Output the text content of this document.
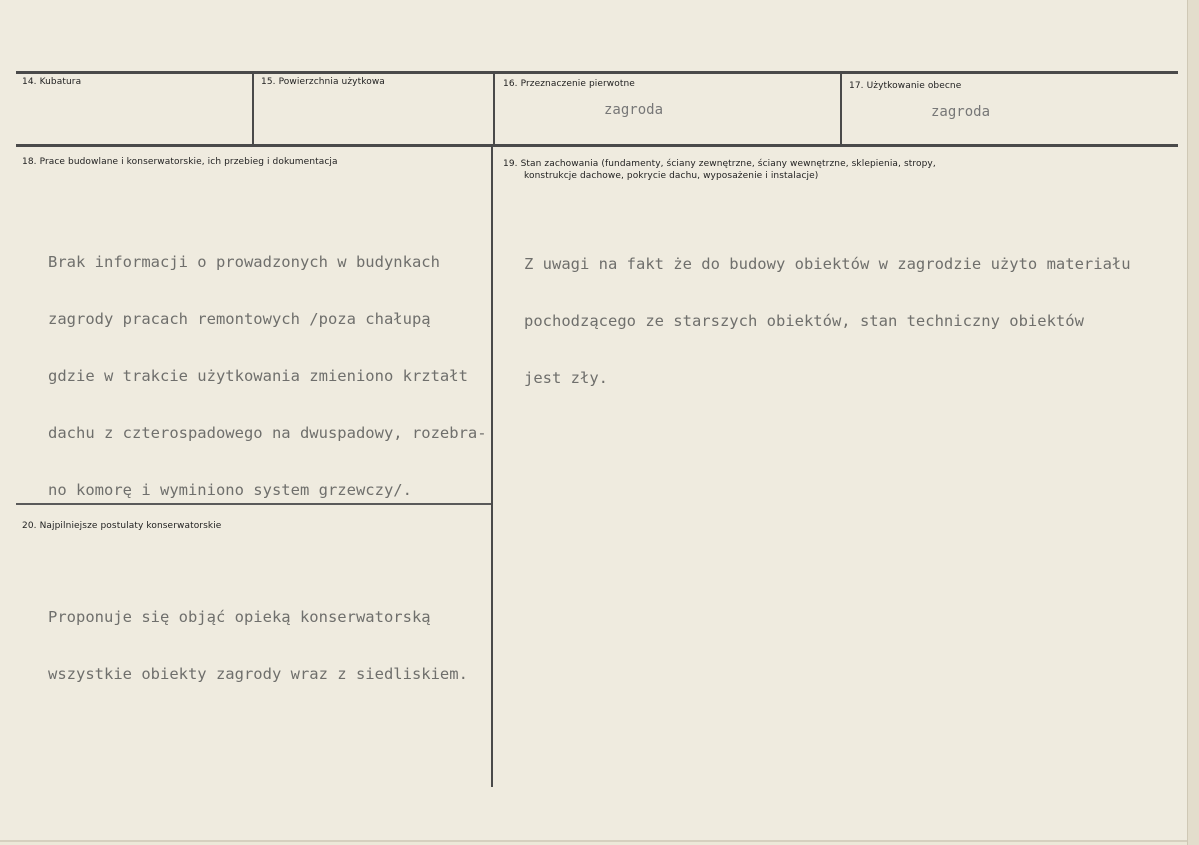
14. Kubatura	15. Powierzchnia użytkowa	16. Przeznaczenie pierwotne
zagroda
17. Użytkowanie obecne
zagroda
18. Prace budowlane i konserwatorskie, ich przebieg i dokumentacja

Brak informacji o prowadzonych w budynkach

zagrody pracach remontowych /poza chałupą

gdzie w trakcie użytkowania zmieniono krztałt

dachu z czterospadowego na dwuspadowy, rozebra-

no komorę i wyminiono system grzewczy/.

19. Stan zachowania (fundamenty, ściany zewnętrzne, ściany wewnętrzne, sklepienia, stropy,
konstrukcje dachowe, pokrycie dachu, wyposażenie i instalacje)

Z uwagi na fakt że do budowy obiektów w zagrodzie użyto materiału

pochodzącego ze starszych obiektów, stan techniczny obiektów

jest zły.

20. Najpilniejsze postulaty konserwatorskie

Proponuje się objąć opieką konserwatorską

wszystkie obiekty zagrody wraz z siedliskiem.
